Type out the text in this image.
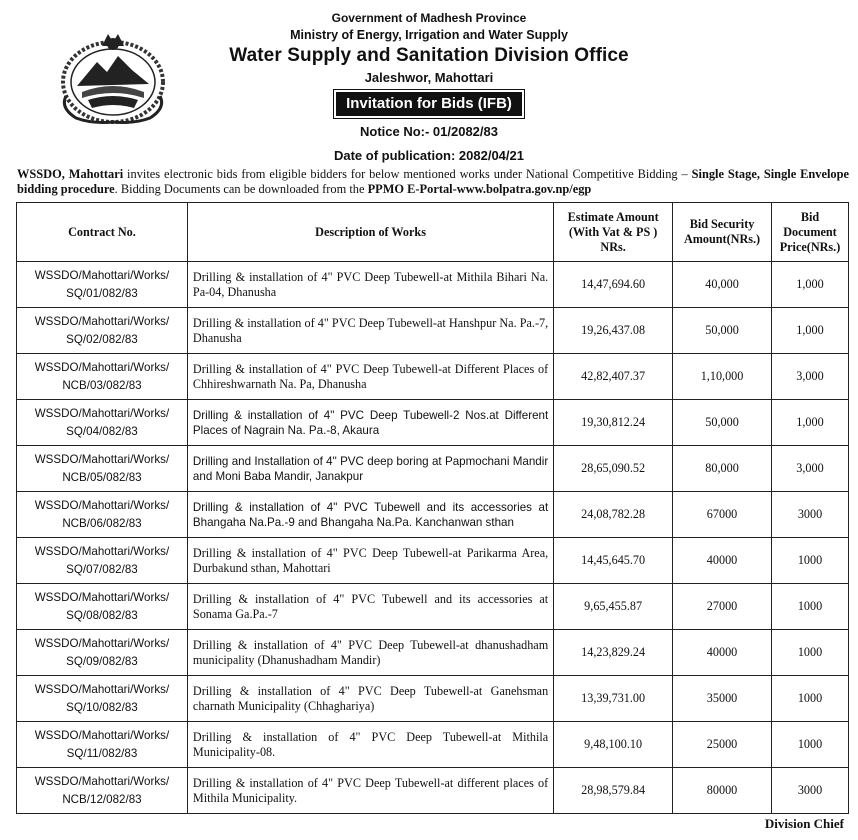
Government of Madhesh Province
Ministry of Energy, Irrigation and Water Supply
Water Supply and Sanitation Division Office
Jaleshwor, Mahottari
Invitation for Bids (IFB)
Notice No:- 01/2082/83
Date of publication: 2082/04/21

WSSDO, Mahottari invites electronic bids from eligible bidders for below mentioned works under National Competitive Bidding – Single Stage, Single Envelope bidding procedure. Bidding Documents can be downloaded from the PPMO E-Portal-www.bolpatra.gov.np/egp

Contract No.	Description of Works	Estimate Amount (With Vat & PS ) NRs.	Bid Security Amount(NRs.)	Bid Document Price(NRs.)
WSSDO/Mahottari/Works/ SQ/01/082/83	Drilling & installation of 4" PVC Deep Tubewell-at Mithila Bihari Na. Pa-04, Dhanusha	14,47,694.60	40,000	1,000
WSSDO/Mahottari/Works/ SQ/02/082/83	Drilling & installation of 4" PVC Deep Tubewell-at Hanshpur Na. Pa.-7, Dhanusha	19,26,437.08	50,000	1,000
WSSDO/Mahottari/Works/ NCB/03/082/83	Drilling & installation of 4" PVC Deep Tubewell-at Different Places of Chhireshwarnath Na. Pa, Dhanusha	42,82,407.37	1,10,000	3,000
WSSDO/Mahottari/Works/ SQ/04/082/83	Drilling & installation of 4" PVC Deep Tubewell-2 Nos.at Different Places of Nagrain Na. Pa.-8, Akaura	19,30,812.24	50,000	1,000
WSSDO/Mahottari/Works/ NCB/05/082/83	Drilling and Installation of 4" PVC deep boring at Papmochani Mandir and Moni Baba Mandir, Janakpur	28,65,090.52	80,000	3,000
WSSDO/Mahottari/Works/ NCB/06/082/83	Drilling & installation of 4" PVC Tubewell and its accessories at Bhangaha Na.Pa.-9 and Bhangaha Na.Pa. Kanchanwan sthan	24,08,782.28	67000	3000
WSSDO/Mahottari/Works/ SQ/07/082/83	Drilling & installation of 4" PVC Deep Tubewell-at Parikarma Area, Durbakund sthan, Mahottari	14,45,645.70	40000	1000
WSSDO/Mahottari/Works/ SQ/08/082/83	Drilling & installation of 4" PVC Tubewell and its accessories at Sonama Ga.Pa.-7	9,65,455.87	27000	1000
WSSDO/Mahottari/Works/ SQ/09/082/83	Drilling & installation of 4" PVC Deep Tubewell-at dhanushadham municipality (Dhanushadham Mandir)	14,23,829.24	40000	1000
WSSDO/Mahottari/Works/ SQ/10/082/83	Drilling & installation of 4" PVC Deep Tubewell-at Ganehsman charnath Municipality (Chhaghariya)	13,39,731.00	35000	1000
WSSDO/Mahottari/Works/ SQ/11/082/83	Drilling & installation of 4" PVC Deep Tubewell-at Mithila Municipality-08.	9,48,100.10	25000	1000
WSSDO/Mahottari/Works/ NCB/12/082/83	Drilling & installation of 4" PVC Deep Tubewell-at different places of Mithila Municipality.	28,98,579.84	80000	3000
Division Chief
